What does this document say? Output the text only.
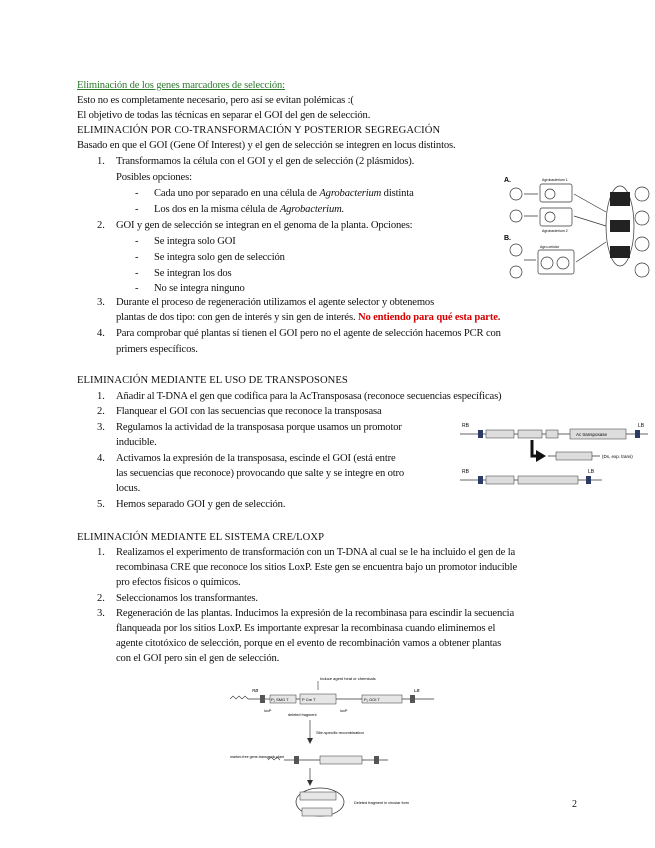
Eliminación de los genes marcadores de selección:
Esto no es completamente necesario, pero así se evitan polémicas :(
El objetivo de todas las técnicas en separar el GOI del gen de selección.
ELIMINACIÓN POR CO-TRANSFORMACIÓN Y POSTERIOR SEGREGACIÓN
Basado en que el GOI (Gene Of Interest) y el gen de selección se integren en locus distintos.
1. Transformamos la célula con el GOI y el gen de selección (2 plásmidos).
Posibles opciones:
- Cada uno por separado en una célula de Agrobacterium distinta
- Los dos en la misma célula de Agrobacterium.
2. GOI y gen de selección se integran en el genoma de la planta. Opciones:
- Se integra solo GOI
- Se integra solo gen de selección
- Se integran los dos
- No se integra ninguno
3. Durante el proceso de regeneración utilizamos el agente selector y obtenemos
plantas de dos tipo: con gen de interés y sin gen de interés. No entiendo para qué esta parte.
4. Para comprobar qué plantas sí tienen el GOI pero no el agente de selección hacemos PCR con
primers específicos.
A.
B.
Agrobacterium 1
Agrobacterium 2
Agro-celular
ELIMINACIÓN MEDIANTE EL USO DE TRANSPOSONES
1. Añadir al T-DNA el gen que codifica para la AcTransposasa (reconoce secuencias específicas)
2. Flanquear el GOI con las secuencias que reconoce la transposasa
3. Regulamos la actividad de la transposasa porque usamos un promotor
inducible.
4. Activamos la expresión de la transposasa, escinde el GOI (está entre
las secuencias que reconoce) provocando que salte y se integre en otro
locus.
5. Hemos separado GOI y gen de selección.
RB	LB
Ac transposase
(Ds, exp. trans)
RB	LB
ELIMINACIÓN MEDIANTE EL SISTEMA CRE/LOXP
1. Realizamos el experimento de transformación con un T-DNA al cual se le ha incluido el gen de la
recombinasa CRE que reconoce los sitios LoxP. Este gen se encuentra bajo un promotor inducible
pro efectos físicos o químicos.
2. Seleccionamos los transformantes.
3. Regeneración de las plantas. Inducimos la expresión de la recombinasa para escindir la secuencia
flanqueada por los sitios LoxP. Es importante expresar la recombinasa cuando eliminemos el
agente citotóxico de selección, porque en el evento de recombinación vamos a obtener plantas
con el GOI pero sin el gen de selección.
Induce agent heat or chemicals
RB	LB
P₁ SMG T	P Cre T	P₁ GOI T
loxP	loxP
deleted fragment
Site-specific recombination
marker-free gene-transgenic plant
Deleted fragment in circular form	2
